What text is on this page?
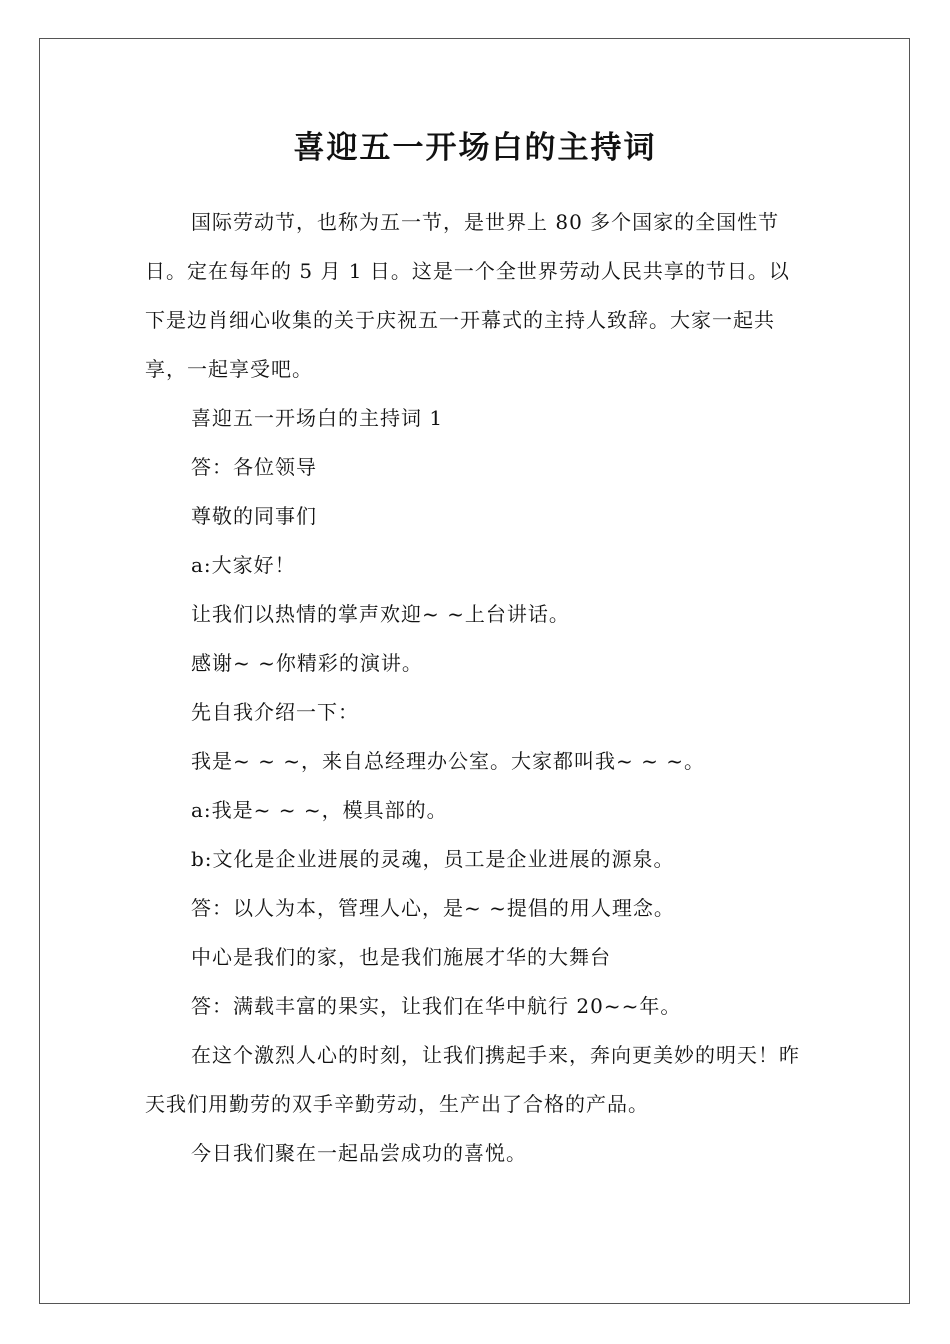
喜迎五一开场白的主持词

国际劳动节，也称为五一节，是世界上 80 多个国家的全国性节日。定在每年的 5 月 1 日。这是一个全世界劳动人民共享的节日。以下是边肖细心收集的关于庆祝五一开幕式的主持人致辞。大家一起共享，一起享受吧。

喜迎五一开场白的主持词 1

答：各位领导

尊敬的同事们

a:大家好！

让我们以热情的掌声欢迎~ ~上台讲话。

感谢~ ~你精彩的演讲。

先自我介绍一下：

我是~ ~ ~，来自总经理办公室。大家都叫我~ ~ ~。

a:我是~ ~ ~，模具部的。

b:文化是企业进展的灵魂，员工是企业进展的源泉。

答：以人为本，管理人心，是~ ~提倡的用人理念。

中心是我们的家，也是我们施展才华的大舞台

答：满载丰富的果实，让我们在华中航行 20~~年。

在这个激烈人心的时刻，让我们携起手来，奔向更美妙的明天！昨天我们用勤劳的双手辛勤劳动，生产出了合格的产品。

今日我们聚在一起品尝成功的喜悦。
